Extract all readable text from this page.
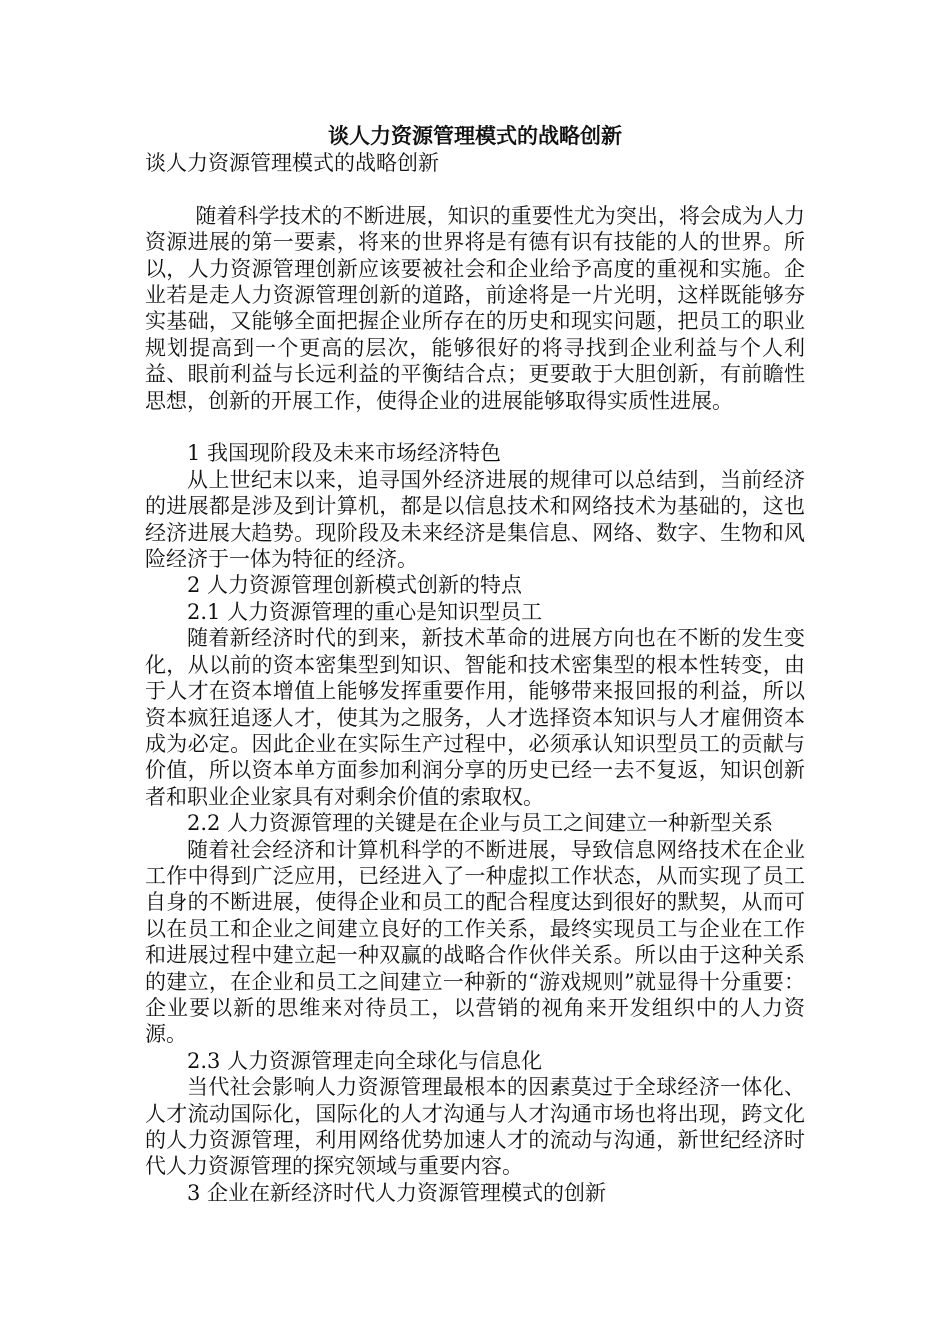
谈人力资源管理模式的战略创新

谈人力资源管理模式的战略创新

随着科学技术的不断进展，知识的重要性尤为突出，将会成为人力资源进展的第一要素，将来的世界将是有德有识有技能的人的世界。所以，人力资源管理创新应该要被社会和企业给予高度的重视和实施。企业若是走人力资源管理创新的道路，前途将是一片光明，这样既能够夯实基础，又能够全面把握企业所存在的历史和现实问题，把员工的职业规划提高到一个更高的层次，能够很好的将寻找到企业利益与个人利益、眼前利益与长远利益的平衡结合点；更要敢于大胆创新，有前瞻性思想，创新的开展工作，使得企业的进展能够取得实质性进展。

1 我国现阶段及未来市场经济特色

从上世纪末以来，追寻国外经济进展的规律可以总结到，当前经济的进展都是涉及到计算机，都是以信息技术和网络技术为基础的，这也经济进展大趋势。现阶段及未来经济是集信息、网络、数字、生物和风险经济于一体为特征的经济。

2 人力资源管理创新模式创新的特点

2.1 人力资源管理的重心是知识型员工

随着新经济时代的到来，新技术革命的进展方向也在不断的发生变化，从以前的资本密集型到知识、智能和技术密集型的根本性转变，由于人才在资本增值上能够发挥重要作用，能够带来报回报的利益，所以资本疯狂追逐人才，使其为之服务，人才选择资本知识与人才雇佣资本成为必定。因此企业在实际生产过程中，必须承认知识型员工的贡献与价值，所以资本单方面参加利润分享的历史已经一去不复返，知识创新者和职业企业家具有对剩余价值的索取权。

2.2 人力资源管理的关键是在企业与员工之间建立一种新型关系

随着社会经济和计算机科学的不断进展，导致信息网络技术在企业工作中得到广泛应用，已经进入了一种虚拟工作状态，从而实现了员工自身的不断进展，使得企业和员工的配合程度达到很好的默契，从而可以在员工和企业之间建立良好的工作关系，最终实现员工与企业在工作和进展过程中建立起一种双赢的战略合作伙伴关系。所以由于这种关系的建立，在企业和员工之间建立一种新的“游戏规则”就显得十分重要：企业要以新的思维来对待员工，以营销的视角来开发组织中的人力资源。

2.3 人力资源管理走向全球化与信息化

当代社会影响人力资源管理最根本的因素莫过于全球经济一体化、人才流动国际化，国际化的人才沟通与人才沟通市场也将出现，跨文化的人力资源管理，利用网络优势加速人才的流动与沟通，新世纪经济时代人力资源管理的探究领域与重要内容。

3 企业在新经济时代人力资源管理模式的创新
